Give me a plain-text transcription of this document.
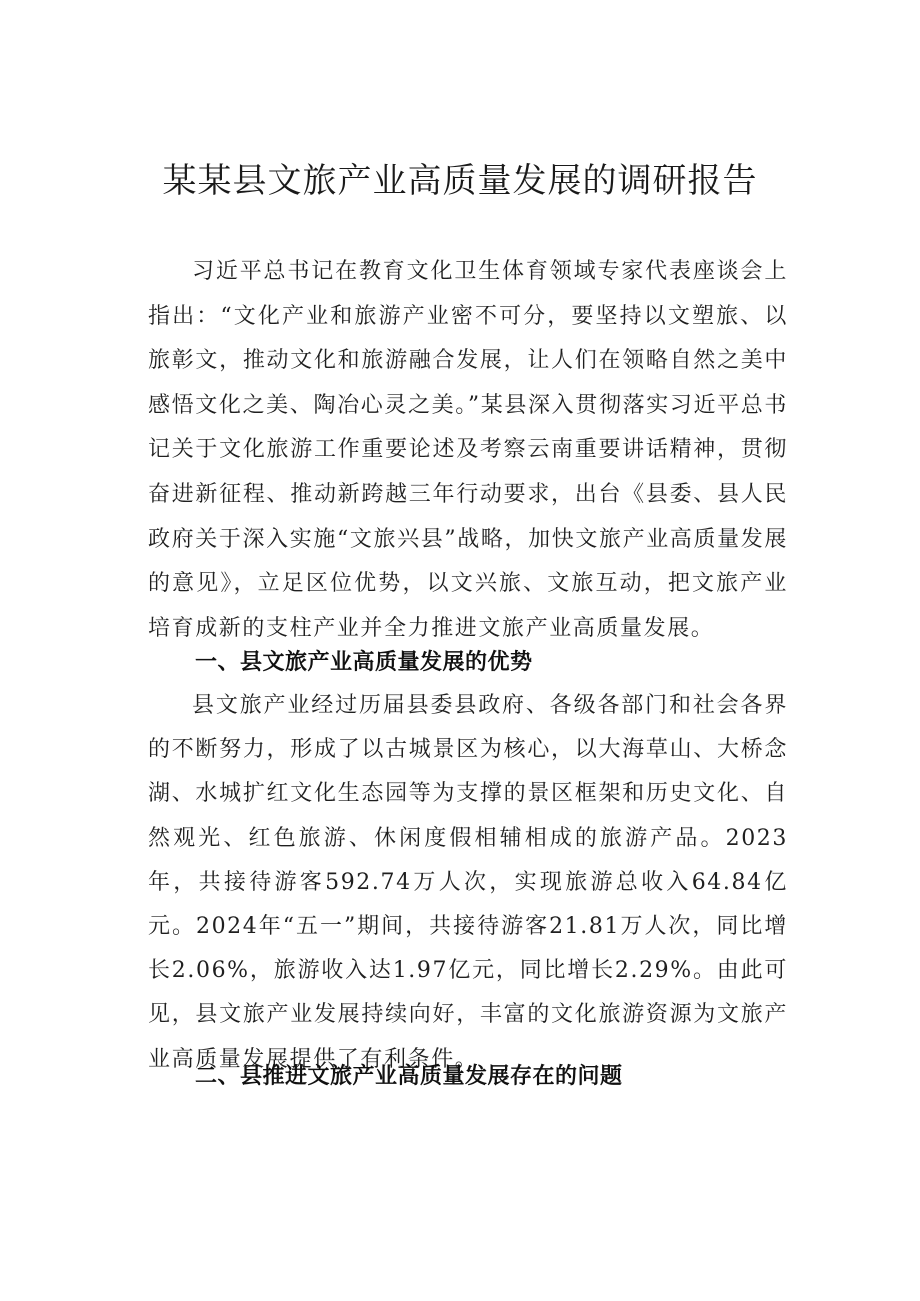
某某县文旅产业高质量发展的调研报告

习近平总书记在教育文化卫生体育领域专家代表座谈会上指出：“文化产业和旅游产业密不可分，要坚持以文塑旅、以旅彰文，推动文化和旅游融合发展，让人们在领略自然之美中感悟文化之美、陶冶心灵之美。”某县深入贯彻落实习近平总书记关于文化旅游工作重要论述及考察云南重要讲话精神，贯彻奋进新征程、推动新跨越三年行动要求，出台《县委、县人民政府关于深入实施“文旅兴县”战略，加快文旅产业高质量发展的意见》，立足区位优势，以文兴旅、文旅互动，把文旅产业培育成新的支柱产业并全力推进文旅产业高质量发展。

一、县文旅产业高质量发展的优势

县文旅产业经过历届县委县政府、各级各部门和社会各界的不断努力，形成了以古城景区为核心，以大海草山、大桥念湖、水城扩红文化生态园等为支撑的景区框架和历史文化、自然观光、红色旅游、休闲度假相辅相成的旅游产品。2023年，共接待游客592.74万人次，实现旅游总收入64.84亿元。2024年“五一”期间，共接待游客21.81万人次，同比增长2.06%，旅游收入达1.97亿元，同比增长2.29%。由此可见，县文旅产业发展持续向好，丰富的文化旅游资源为文旅产业高质量发展提供了有利条件。

二、县推进文旅产业高质量发展存在的问题
